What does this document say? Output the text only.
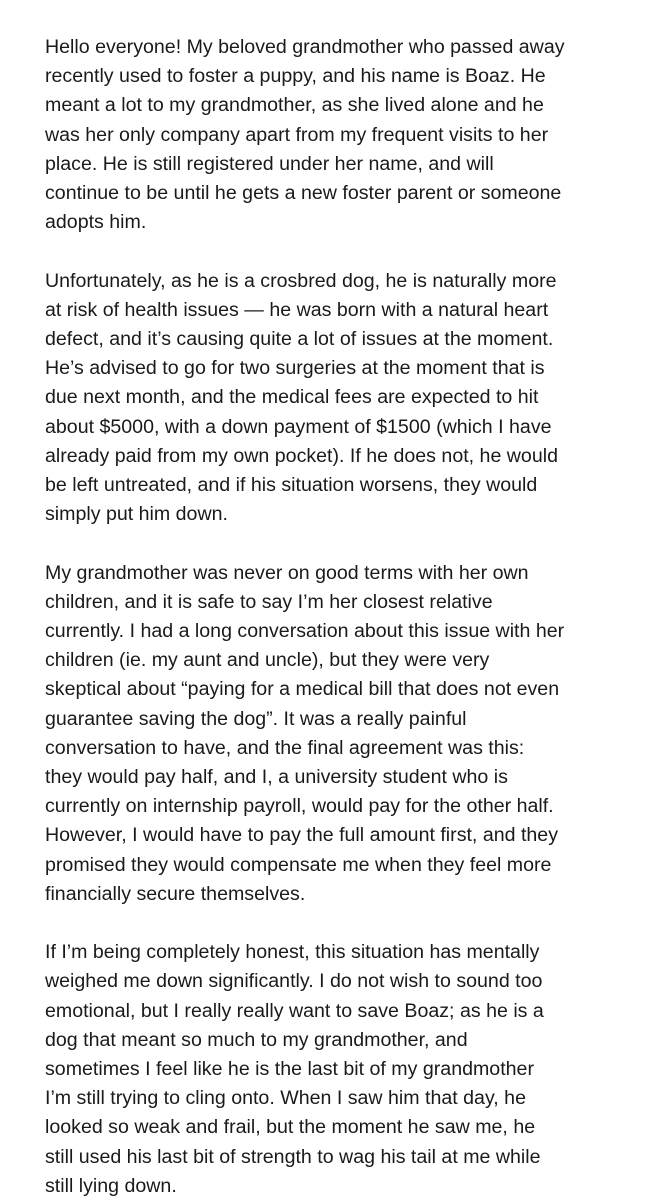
Hello everyone! My beloved grandmother who passed away
recently used to foster a puppy, and his name is Boaz. He
meant a lot to my grandmother, as she lived alone and he
was her only company apart from my frequent visits to her
place. He is still registered under her name, and will
continue to be until he gets a new foster parent or someone
adopts him.

Unfortunately, as he is a crosbred dog, he is naturally more
at risk of health issues — he was born with a natural heart
defect, and it’s causing quite a lot of issues at the moment.
He’s advised to go for two surgeries at the moment that is
due next month, and the medical fees are expected to hit
about $5000, with a down payment of $1500 (which I have
already paid from my own pocket). If he does not, he would
be left untreated, and if his situation worsens, they would
simply put him down.

My grandmother was never on good terms with her own
children, and it is safe to say I’m her closest relative
currently. I had a long conversation about this issue with her
children (ie. my aunt and uncle), but they were very
skeptical about “paying for a medical bill that does not even
guarantee saving the dog”. It was a really painful
conversation to have, and the final agreement was this:
they would pay half, and I, a university student who is
currently on internship payroll, would pay for the other half.
However, I would have to pay the full amount first, and they
promised they would compensate me when they feel more
financially secure themselves.

If I’m being completely honest, this situation has mentally
weighed me down significantly. I do not wish to sound too
emotional, but I really really want to save Boaz; as he is a
dog that meant so much to my grandmother, and
sometimes I feel like he is the last bit of my grandmother
I’m still trying to cling onto. When I saw him that day, he
looked so weak and frail, but the moment he saw me, he
still used his last bit of strength to wag his tail at me while
still lying down.
